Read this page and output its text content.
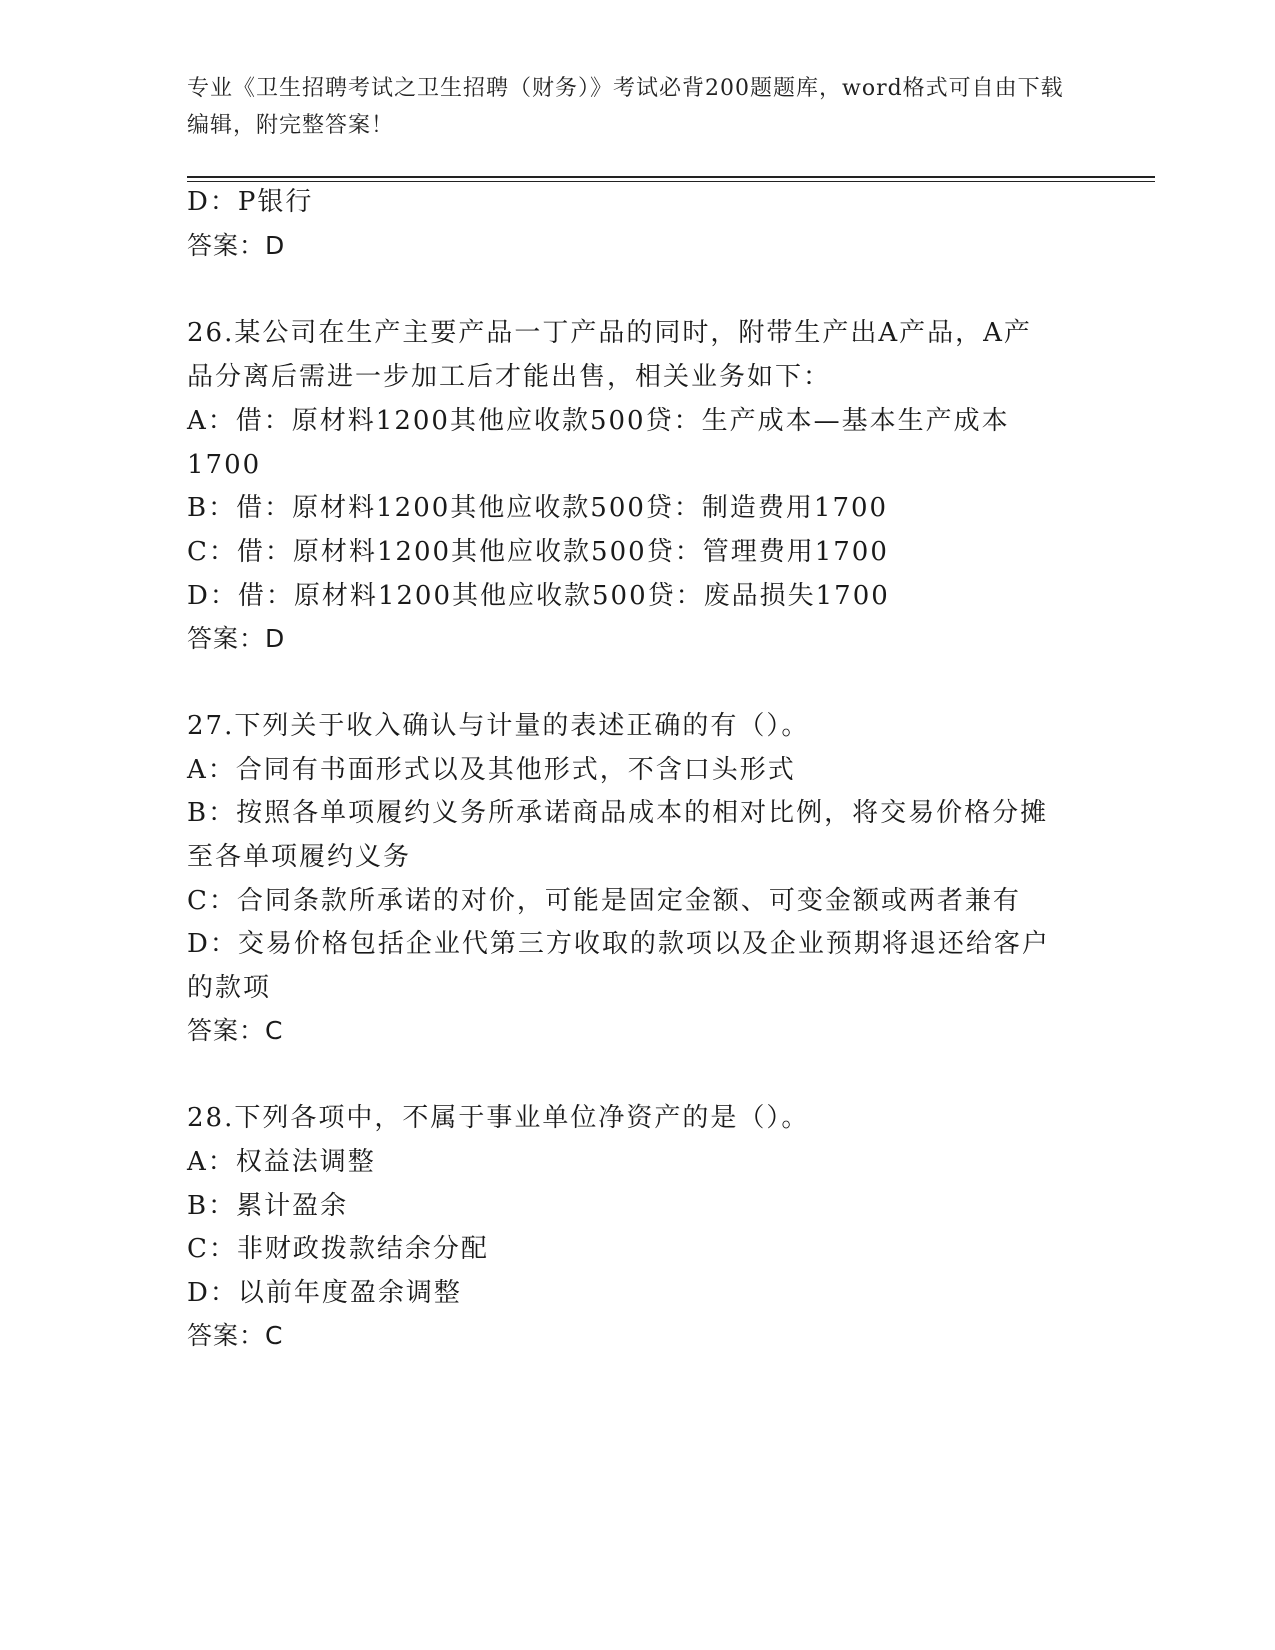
专业《卫生招聘考试之卫生招聘（财务）》考试必背200题题库，word格式可自由下载编辑，附完整答案！
D：P银行
答案：D
26.某公司在生产主要产品一丁产品的同时，附带生产出A产品，A产
品分离后需进一步加工后才能出售，相关业务如下：
A：借：原材料1200其他应收款500贷：生产成本—基本生产成本
1700
B：借：原材料1200其他应收款500贷：制造费用1700
C：借：原材料1200其他应收款500贷：管理费用1700
D：借：原材料1200其他应收款500贷：废品损失1700
答案：D
27.下列关于收入确认与计量的表述正确的有（）。
A：合同有书面形式以及其他形式，不含口头形式
B：按照各单项履约义务所承诺商品成本的相对比例，将交易价格分摊
至各单项履约义务
C：合同条款所承诺的对价，可能是固定金额、可变金额或两者兼有
D：交易价格包括企业代第三方收取的款项以及企业预期将退还给客户
的款项
答案：C
28.下列各项中，不属于事业单位净资产的是（）。
A：权益法调整
B：累计盈余
C：非财政拨款结余分配
D：以前年度盈余调整
答案：C
